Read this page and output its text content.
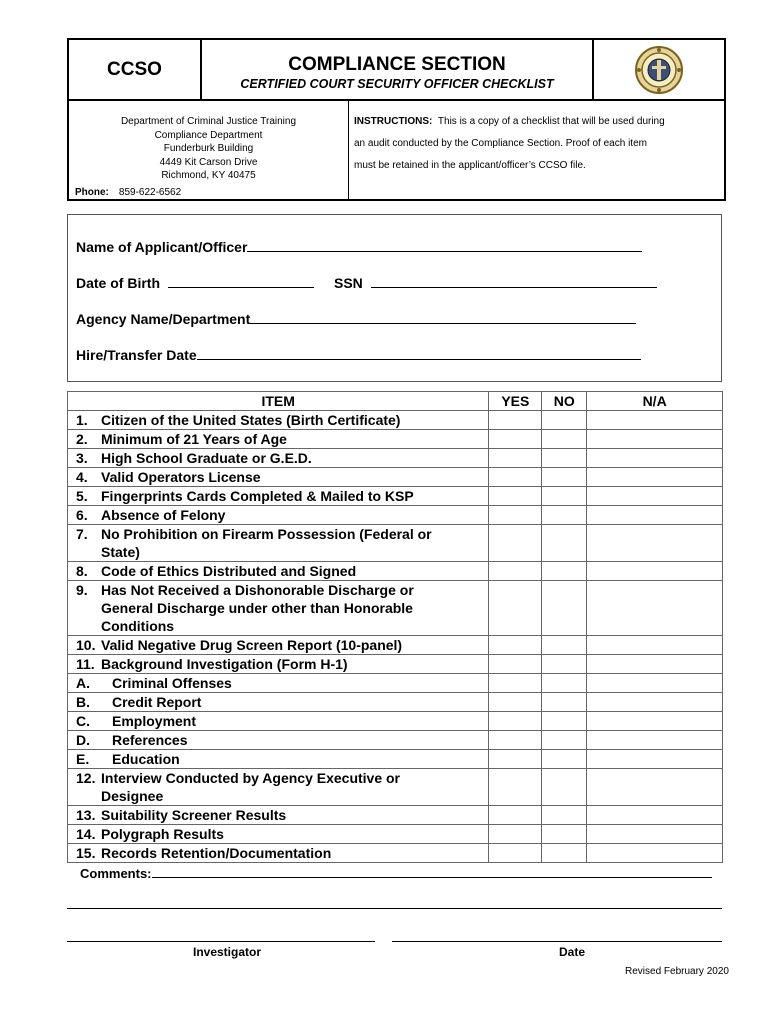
CCSO	COMPLIANCE SECTION
CERTIFIED COURT SECURITY OFFICER CHECKLIST
Department of Criminal Justice Training
Compliance Department
Funderburk Building
4449 Kit Carson Drive
Richmond, KY 40475
INSTRUCTIONS: This is a copy of a checklist that will be used during
an audit conducted by the Compliance Section. Proof of each item
must be retained in the applicant/officer’s CCSO file.
Phone: 859-622-6562
Name of Applicant/Officer
Date of Birth	SSN
Agency Name/Department
Hire/Transfer Date
ITEM	YES	NO	N/A
1. Citizen of the United States (Birth Certificate)			
2. Minimum of 21 Years of Age			
3. High School Graduate or G.E.D.			
4. Valid Operators License			
5. Fingerprints Cards Completed & Mailed to KSP			
6. Absence of Felony			
7. No Prohibition on Firearm Possession (Federal or
State)			

8. Code of Ethics Distributed and Signed			
9. Has Not Received a Dishonorable Discharge or
General Discharge under other than Honorable
Conditions			

10. Valid Negative Drug Screen Report (10-panel)			
11. Background Investigation (Form H-1)			
A. Criminal Offenses			
B. Credit Report			
C. Employment			
D. References			
E. Education			
12. Interview Conducted by Agency Executive or
Designee			

13. Suitability Screener Results			
14. Polygraph Results			
15. Records Retention/Documentation			
Comments:
Investigator	Date
Revised February 2020
